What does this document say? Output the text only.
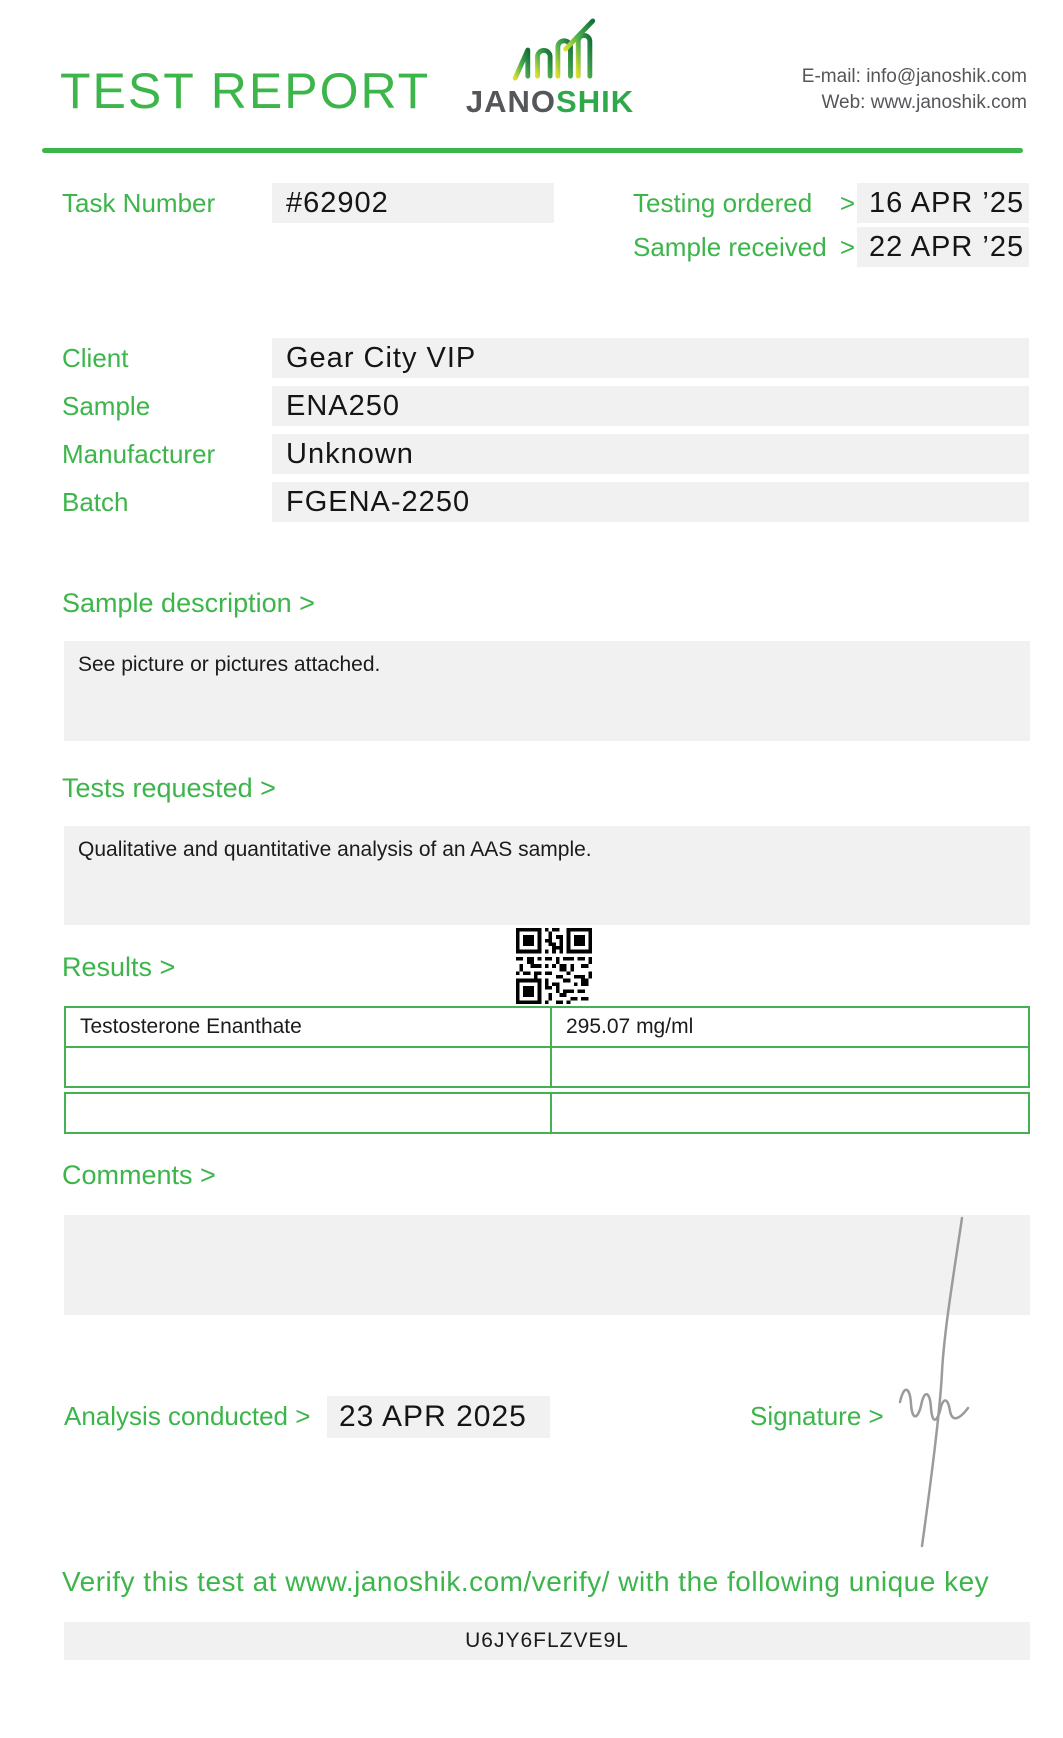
TEST REPORT JANOSHIK
E-mail: info@janoshik.com
Web: www.janoshik.com
Task Number	#62902	Testing ordered > 16 APR ’25
Sample received > 22 APR ’25
Client	Gear City VIP
Sample	ENA250
Manufacturer	Unknown
Batch	FGENA-2250
Sample description >
See picture or pictures attached.
Tests requested >
Qualitative and quantitative analysis of an AAS sample.
Results >
Testosterone Enanthate	295.07 mg/ml
Comments >
Analysis conducted > 23 APR 2025	Signature >
Verify this test at www.janoshik.com/verify/ with the following unique key
U6JY6FLZVE9L
